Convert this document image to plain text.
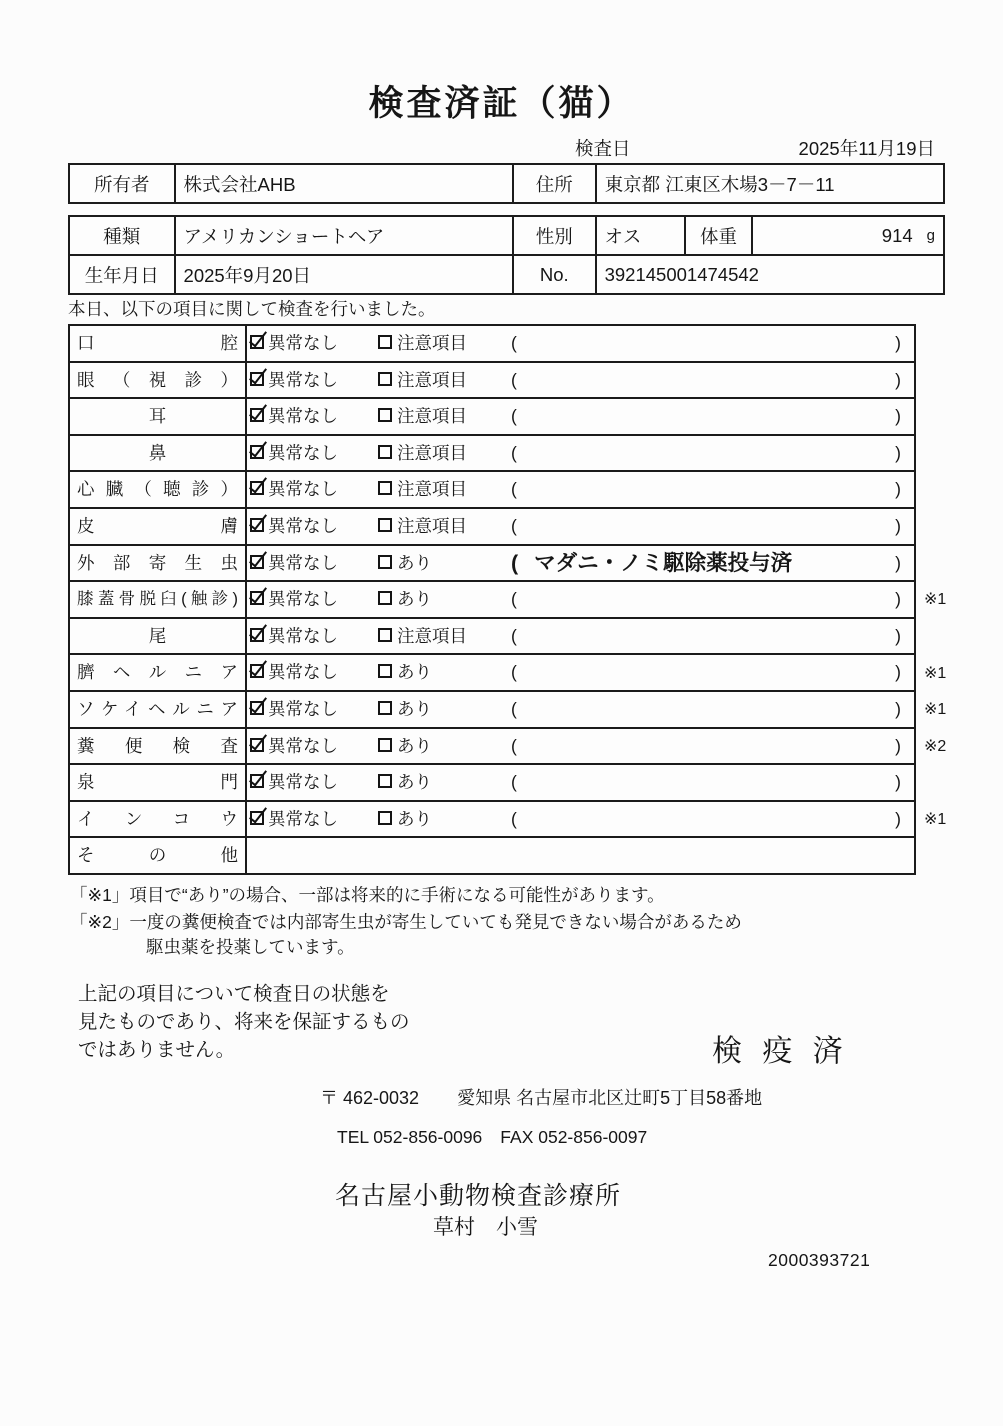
検査済証（猫）
検査日	2025年11月19日
所有者	株式会社AHB	住所	東京都 江東区木場3－7－11
種類	アメリカンショートヘア	性別	オス	体重	914 g
生年月日	2025年9月20日	No.	392145001474542
本日、以下の項目に関して検査を行いました。
口 腔	異常なし	注意項目	(	)
眼 （ 視 診 ）	異常なし	注意項目	(	)
耳	異常なし	注意項目	(	)
鼻	異常なし	注意項目	(	)
心 臓 （ 聴 診 ）	異常なし	注意項目	(	)
皮 膚	異常なし	注意項目	(	)
外 部 寄 生 虫	異常なし	あり	( マダニ・ノミ駆除薬投与済	)
膝蓋骨脱臼(触診)	異常なし	あり	(	) ※1
尾	異常なし	注意項目	(	)
臍 ヘ ル ニ ア	異常なし	あり	(	) ※1
ソケイヘルニア	異常なし	あり	(	) ※1
糞 便 検 査	異常なし	あり	(	) ※2
泉 門	異常なし	あり	(	)
イ ン コ ウ	異常なし	あり	(	) ※1
そ の 他
「※1」項目で“あり”の場合、一部は将来的に手術になる可能性があります。
「※2」一度の糞便検査では内部寄生虫が寄生していても発見できない場合があるため
駆虫薬を投薬しています。
上記の項目について検査日の状態を
見たものであり、将来を保証するもの
ではありません。	検 疫 済
〒 462-0032 愛知県 名古屋市北区辻町5丁目58番地
TEL 052-856-0096 FAX 052-856-0097
名古屋小動物検査診療所
草村　小雪
2000393721
